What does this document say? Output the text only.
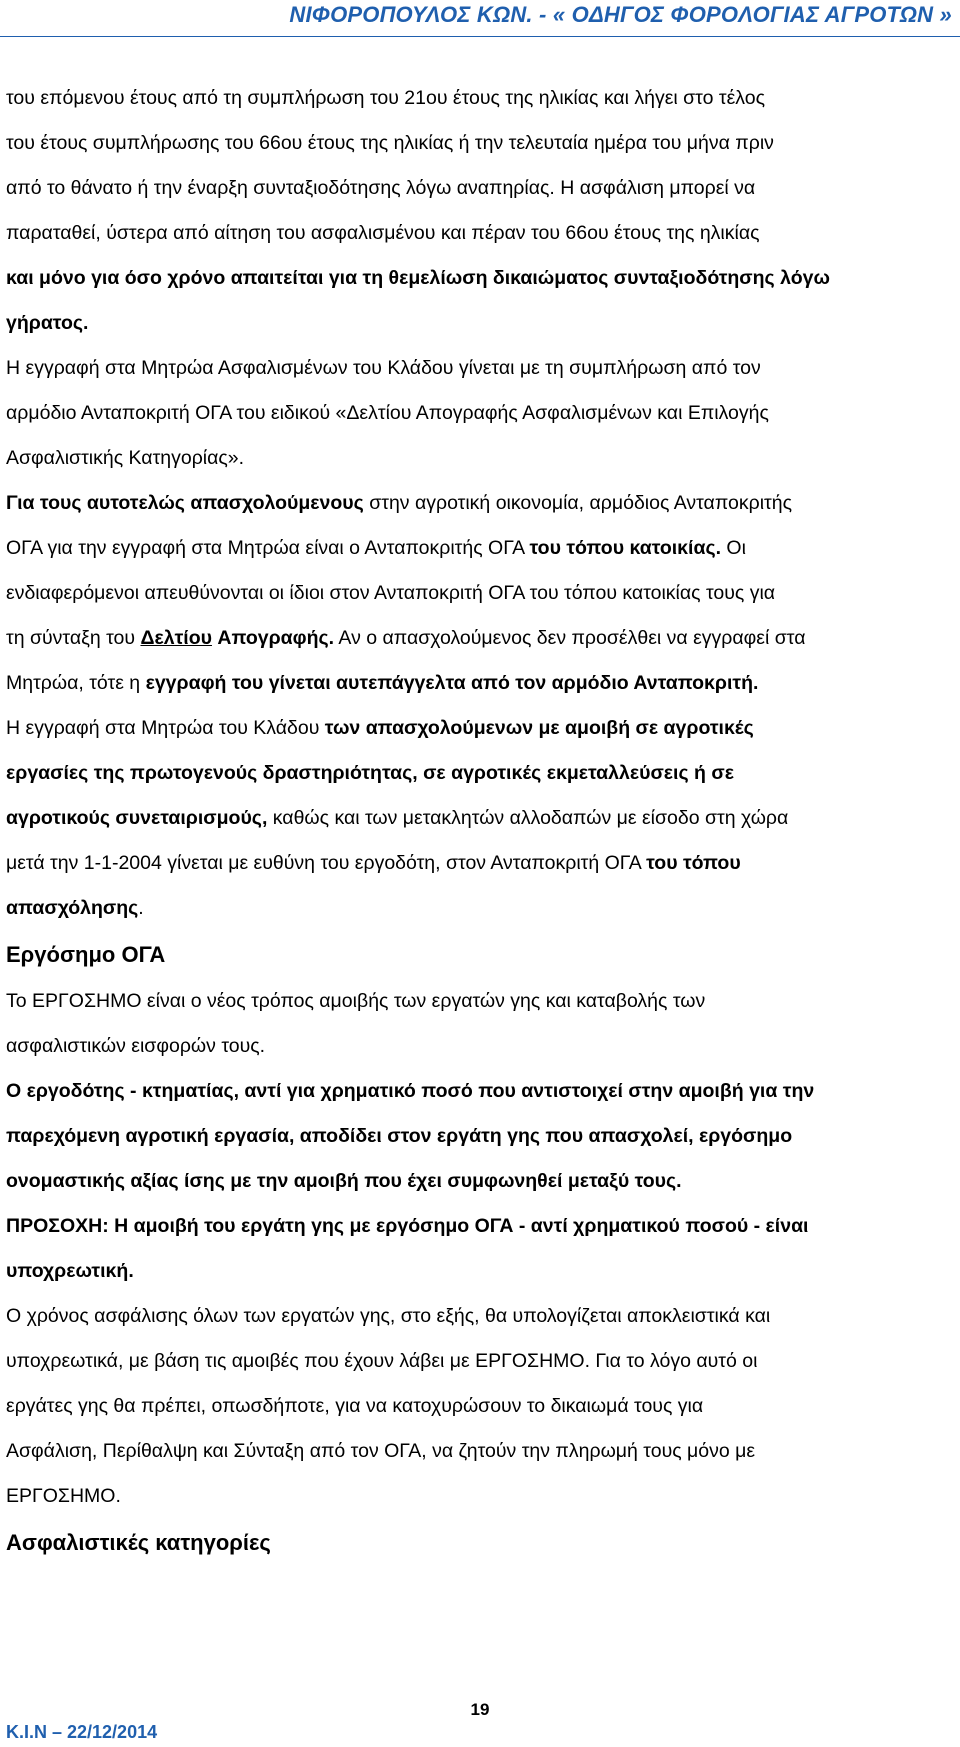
ΝΙΦΟΡΟΠΟΥΛΟΣ ΚΩΝ. - « ΟΔΗΓΟΣ ΦΟΡΟΛΟΓΙΑΣ ΑΓΡΟΤΩΝ »
του επόμενου έτους από τη συμπλήρωση του 21ου έτους της ηλικίας και λήγει στο τέλος
του έτους συμπλήρωσης του 66ου έτους της ηλικίας ή την τελευταία ημέρα του μήνα πριν
από το θάνατο ή την έναρξη συνταξιοδότησης λόγω αναπηρίας. Η ασφάλιση μπορεί να
παραταθεί, ύστερα από αίτηση του ασφαλισμένου και πέραν του 66ου έτους της ηλικίας
και μόνο για όσο χρόνο απαιτείται για τη θεμελίωση δικαιώματος συνταξιοδότησης λόγω
γήρατος.
Η εγγραφή στα Μητρώα Ασφαλισμένων του Κλάδου γίνεται με τη συμπλήρωση από τον
αρμόδιο Ανταποκριτή ΟΓΑ του ειδικού «Δελτίου Απογραφής Ασφαλισμένων και Επιλογής
Ασφαλιστικής Κατηγορίας».
Για τους αυτοτελώς απασχολούμενους στην αγροτική οικονομία, αρμόδιος Ανταποκριτής
ΟΓΑ για την εγγραφή στα Μητρώα είναι ο Ανταποκριτής ΟΓΑ του τόπου κατοικίας. Οι
ενδιαφερόμενοι απευθύνονται οι ίδιοι στον Ανταποκριτή ΟΓΑ του τόπου κατοικίας τους για
τη σύνταξη του Δελτίου Απογραφής. Αν ο απασχολούμενος δεν προσέλθει να εγγραφεί στα
Μητρώα, τότε η εγγραφή του γίνεται αυτεπάγγελτα από τον αρμόδιο Ανταποκριτή.
Η εγγραφή στα Μητρώα του Κλάδου των απασχολούμενων με αμοιβή σε αγροτικές
εργασίες της πρωτογενούς δραστηριότητας, σε αγροτικές εκμεταλλεύσεις ή σε
αγροτικούς συνεταιρισμούς, καθώς και των μετακλητών αλλοδαπών με είσοδο στη χώρα
μετά την 1-1-2004 γίνεται με ευθύνη του εργοδότη, στον Ανταποκριτή ΟΓΑ του τόπου
απασχόλησης.
Εργόσημο ΟΓΑ
Το ΕΡΓΟΣΗΜΟ είναι ο νέος τρόπος αμοιβής των εργατών γης και καταβολής των
ασφαλιστικών εισφορών τους.
Ο εργοδότης - κτηματίας, αντί για χρηματικό ποσό που αντιστοιχεί στην αμοιβή για την
παρεχόμενη αγροτική εργασία, αποδίδει στον εργάτη γης που απασχολεί, εργόσημο
ονομαστικής αξίας ίσης με την αμοιβή που έχει συμφωνηθεί μεταξύ τους.
ΠΡΟΣΟΧΗ: Η αμοιβή του εργάτη γης με εργόσημο ΟΓΑ - αντί χρηματικού ποσού - είναι
υποχρεωτική.
Ο χρόνος ασφάλισης όλων των εργατών γης, στο εξής, θα υπολογίζεται αποκλειστικά και
υποχρεωτικά, με βάση τις αμοιβές που έχουν λάβει με ΕΡΓΟΣΗΜΟ. Για το λόγο αυτό οι
εργάτες γης θα πρέπει, οπωσδήποτε, για να κατοχυρώσουν το δικαιωμά τους για
Ασφάλιση, Περίθαλψη και Σύνταξη από τον ΟΓΑ, να ζητούν την πληρωμή τους μόνο με
ΕΡΓΟΣΗΜΟ.
Ασφαλιστικές κατηγορίες
19
Κ.Ι.Ν – 22/12/2014
